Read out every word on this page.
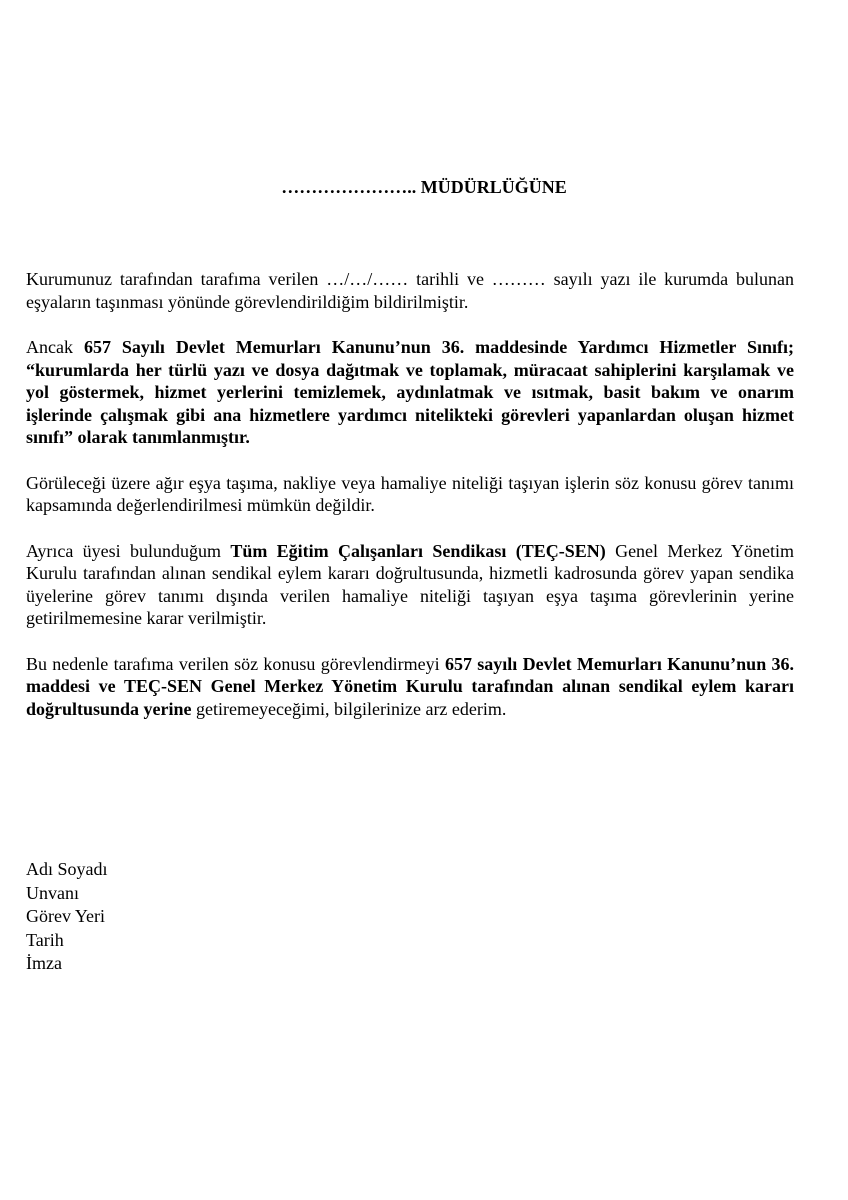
………………….. MÜDÜRLÜĞÜNE

Kurumunuz tarafından tarafıma verilen …/…/…… tarihli ve ……… sayılı yazı ile kurumda bulunan eşyaların taşınması yönünde görevlendirildiğim bildirilmiştir.

Ancak 657 Sayılı Devlet Memurları Kanunu’nun 36. maddesinde Yardımcı Hizmetler Sınıfı; “kurumlarda her türlü yazı ve dosya dağıtmak ve toplamak, müracaat sahiplerini karşılamak ve yol göstermek, hizmet yerlerini temizlemek, aydınlatmak ve ısıtmak, basit bakım ve onarım işlerinde çalışmak gibi ana hizmetlere yardımcı nitelikteki görevleri yapanlardan oluşan hizmet sınıfı” olarak tanımlanmıştır.

Görüleceği üzere ağır eşya taşıma, nakliye veya hamaliye niteliği taşıyan işlerin söz konusu görev tanımı kapsamında değerlendirilmesi mümkün değildir.

Ayrıca üyesi bulunduğum Tüm Eğitim Çalışanları Sendikası (TEÇ-SEN) Genel Merkez Yönetim Kurulu tarafından alınan sendikal eylem kararı doğrultusunda, hizmetli kadrosunda görev yapan sendika üyelerine görev tanımı dışında verilen hamaliye niteliği taşıyan eşya taşıma görevlerinin yerine getirilmemesine karar verilmiştir.

Bu nedenle tarafıma verilen söz konusu görevlendirmeyi 657 sayılı Devlet Memurları Kanunu’nun 36. maddesi ve TEÇ-SEN Genel Merkez Yönetim Kurulu tarafından alınan sendikal eylem kararı doğrultusunda yerine getiremeyeceğimi, bilgilerinize arz ederim.

Adı Soyadı
Unvanı
Görev Yeri
Tarih
İmza
